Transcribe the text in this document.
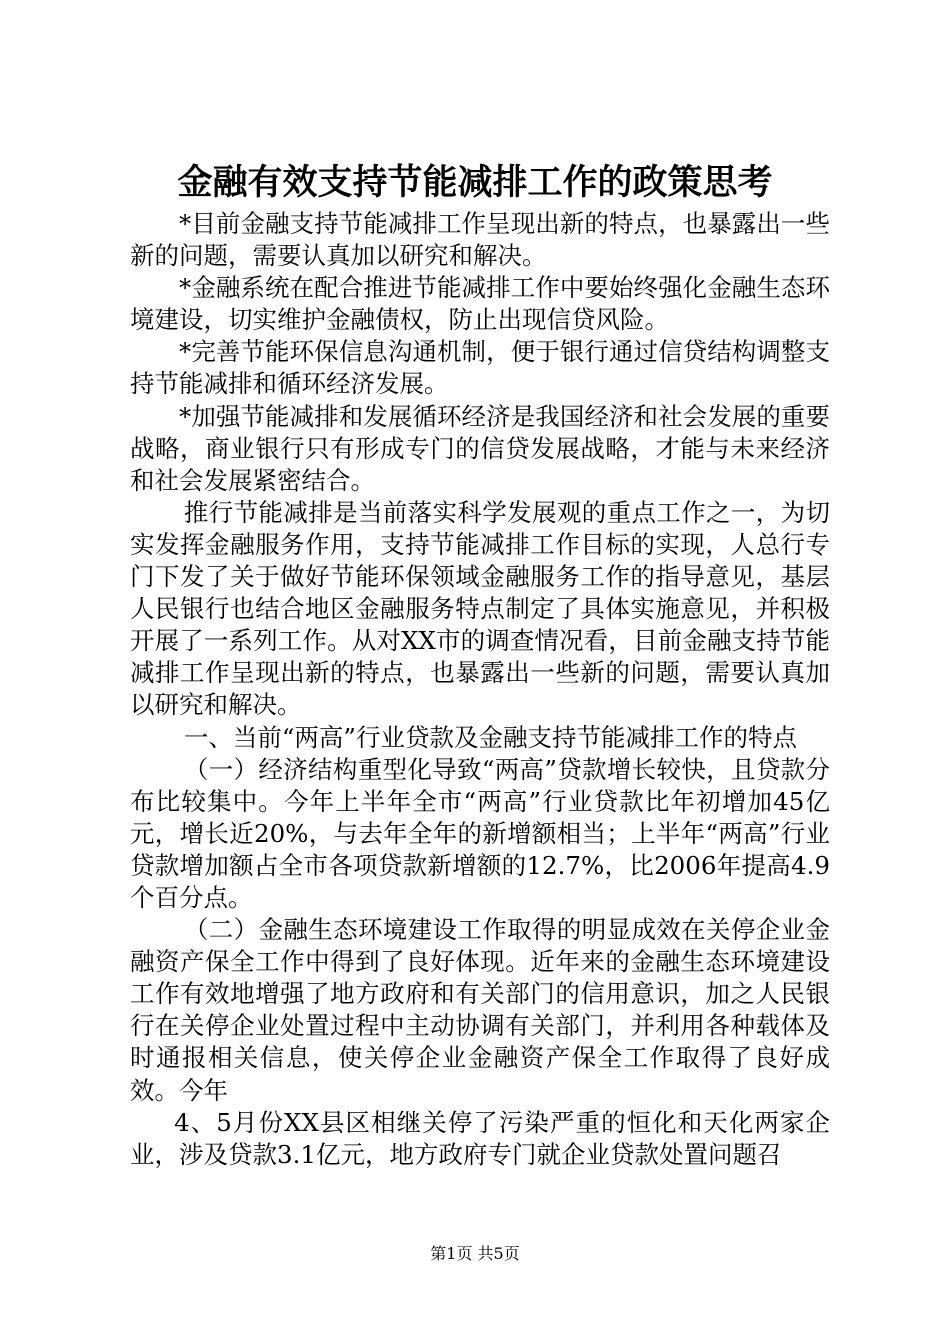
金融有效支持节能减排工作的政策思考

*目前金融支持节能减排工作呈现出新的特点，也暴露出一些新的问题，需要认真加以研究和解决。

*金融系统在配合推进节能减排工作中要始终强化金融生态环境建设，切实维护金融债权，防止出现信贷风险。

*完善节能环保信息沟通机制，便于银行通过信贷结构调整支持节能减排和循环经济发展。

*加强节能减排和发展循环经济是我国经济和社会发展的重要战略，商业银行只有形成专门的信贷发展战略，才能与未来经济和社会发展紧密结合。

推行节能减排是当前落实科学发展观的重点工作之一，为切实发挥金融服务作用，支持节能减排工作目标的实现，人总行专门下发了关于做好节能环保领域金融服务工作的指导意见，基层人民银行也结合地区金融服务特点制定了具体实施意见，并积极开展了一系列工作。从对XX市的调查情况看，目前金融支持节能减排工作呈现出新的特点，也暴露出一些新的问题，需要认真加以研究和解决。

一、当前“两高”行业贷款及金融支持节能减排工作的特点

（一）经济结构重型化导致“两高”贷款增长较快，且贷款分布比较集中。今年上半年全市“两高”行业贷款比年初增加45亿元，增长近20%，与去年全年的新增额相当；上半年“两高”行业贷款增加额占全市各项贷款新增额的12.7%，比2006年提高4.9个百分点。

（二）金融生态环境建设工作取得的明显成效在关停企业金融资产保全工作中得到了良好体现。近年来的金融生态环境建设工作有效地增强了地方政府和有关部门的信用意识，加之人民银行在关停企业处置过程中主动协调有关部门，并利用各种载体及时通报相关信息，使关停企业金融资产保全工作取得了良好成效。今年

4、5月份XX县区相继关停了污染严重的恒化和天化两家企业，涉及贷款3.1亿元，地方政府专门就企业贷款处置问题召

第1页 共5页
